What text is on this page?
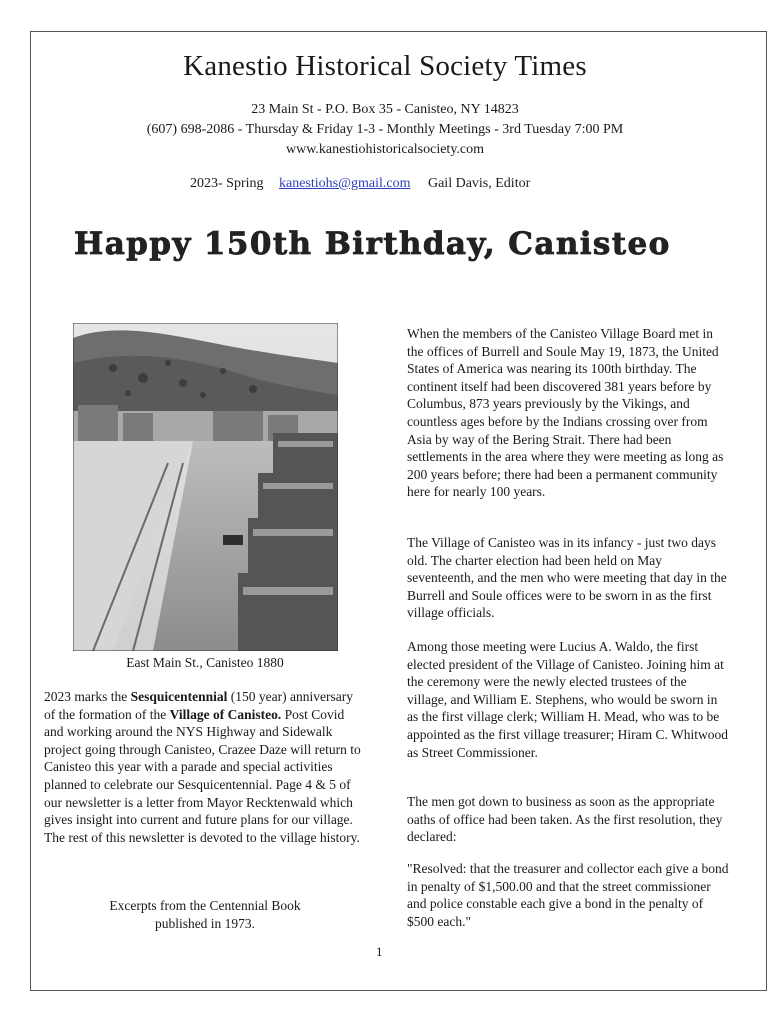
Kanestio Historical Society Times
23 Main St - P.O. Box 35 - Canisteo, NY 14823
(607) 698-2086 - Thursday & Friday 1-3 - Monthly Meetings - 3rd Tuesday 7:00 PM
www.kanestiohistoricalsociety.com
2023- Spring kanestiohs@gmail.com Gail Davis, Editor
Happy 150th Birthday, Canisteo
East Main St., Canisteo 1880
2023 marks the Sesquicentennial (150 year) anniversary of the formation of the Village of Canisteo. Post Covid and working around the NYS Highway and Sidewalk project going through Canisteo, Crazee Daze will return to Canisteo this year with a parade and special activities planned to celebrate our Sesquicentennial. Page 4 & 5 of our newsletter is a letter from Mayor Recktenwald which gives insight into current and future plans for our village. The rest of this newsletter is devoted to the village history.
Excerpts from the Centennial Book
published in 1973.

When the members of the Canisteo Village Board met in the offices of Burrell and Soule May 19, 1873, the United States of America was nearing its 100th birthday. The continent itself had been discovered 381 years before by Columbus, 873 years previously by the Vikings, and countless ages before by the Indians crossing over from Asia by way of the Bering Strait. There had been settlements in the area where they were meeting as long as 200 years before; there had been a permanent community here for nearly 100 years.

The Village of Canisteo was in its infancy - just two days old. The charter election had been held on May seventeenth, and the men who were meeting that day in the Burrell and Soule offices were to be sworn in as the first village officials.

Among those meeting were Lucius A. Waldo, the first elected president of the Village of Canisteo. Joining him at the ceremony were the newly elected trustees of the village, and William E. Stephens, who would be sworn in as the first village clerk; William H. Mead, who was to be appointed as the first village treasurer; Hiram C. Whitwood as Street Commissioner.

The men got down to business as soon as the appropriate oaths of office had been taken. As the first resolution, they declared:

"Resolved: that the treasurer and collector each give a bond in penalty of $1,500.00 and that the street commissioner and police constable each give a bond in the penalty of $500 each."

1
